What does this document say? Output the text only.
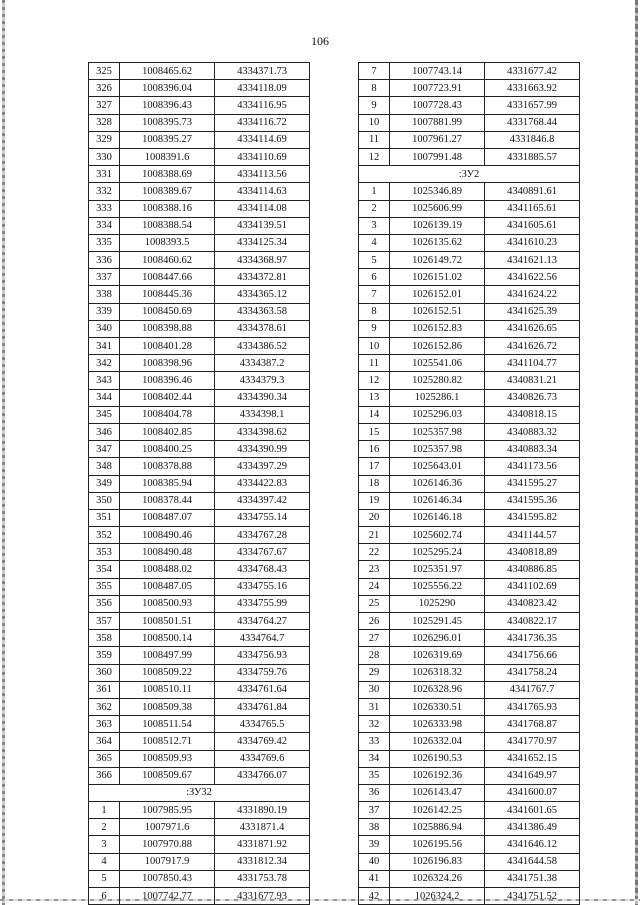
106
325	1008465.62	4334371.73
326	1008396.04	4334118.09
327	1008396.43	4334116.95
328	1008395.73	4334116.72
329	1008395.27	4334114.69
330	1008391.6	4334110.69
331	1008388.69	4334113.56
332	1008389.67	4334114.63
333	1008388.16	4334114.08
334	1008388.54	4334139.51
335	1008393.5	4334125.34
336	1008460.62	4334368.97
337	1008447.66	4334372.81
338	1008445.36	4334365.12
339	1008450.69	4334363.58
340	1008398.88	4334378.61
341	1008401.28	4334386.52
342	1008398.96	4334387.2
343	1008396.46	4334379.3
344	1008402.44	4334390.34
345	1008404.78	4334398.1
346	1008402.85	4334398.62
347	1008400.25	4334390.99
348	1008378.88	4334397.29
349	1008385.94	4334422.83
350	1008378.44	4334397.42
351	1008487.07	4334755.14
352	1008490.46	4334767.28
353	1008490.48	4334767.67
354	1008488.02	4334768.43
355	1008487.05	4334755.16
356	1008500.93	4334755.99
357	1008501.51	4334764.27
358	1008500.14	4334764.7
359	1008497.99	4334756.93
360	1008509.22	4334759.76
361	1008510.11	4334761.64
362	1008509.38	4334761.84
363	1008511.54	4334765.5
364	1008512.71	4334769.42
365	1008509.93	4334769.6
366	1008509.67	4334766.07
:ЗУ32		
1	1007985.95	4331890.19
2	1007971.6	4331871.4
3	1007970.88	4331871.92
4	1007917.9	4331812.34
5	1007850.43	4331753.78
6	1007742.77	4331677.93
7	1007743.14	4331677.42
8	1007723.91	4331663.92
9	1007728.43	4331657.99
10	1007881.99	4331768.44
11	1007961.27	4331846.8
12	1007991.48	4331885.57
:ЗУ2		
1	1025346.89	4340891.61
2	1025606.99	4341165.61
3	1026139.19	4341605.61
4	1026135.62	4341610.23
5	1026149.72	4341621.13
6	1026151.02	4341622.56
7	1026152.01	4341624.22
8	1026152.51	4341625.39
9	1026152.83	4341626.65
10	1026152.86	4341626.72
11	1025541.06	4341104.77
12	1025280.82	4340831.21
13	1025286.1	4340826.73
14	1025296.03	4340818.15
15	1025357.98	4340883.32
16	1025357.98	4340883.34
17	1025643.01	4341173.56
18	1026146.36	4341595.27
19	1026146.34	4341595.36
20	1026146.18	4341595.82
21	1025602.74	4341144.57
22	1025295.24	4340818.89
23	1025351.97	4340886.85
24	1025556.22	4341102.69
25	1025290	4340823.42
26	1025291.45	4340822.17
27	1026296.01	4341736.35
28	1026319.69	4341756.66
29	1026318.32	4341758.24
30	1026328.96	4341767.7
31	1026330.51	4341765.93
32	1026333.98	4341768.87
33	1026332.04	4341770.97
34	1026190.53	4341652.15
35	1026192.36	4341649.97
36	1026143.47	4341600.07
37	1026142.25	4341601.65
38	1025886.94	4341386.49
39	1026195.56	4341646.12
40	1026196.83	4341644.58
41	1026324.26	4341751.38
42	1026324.2	4341751.52
